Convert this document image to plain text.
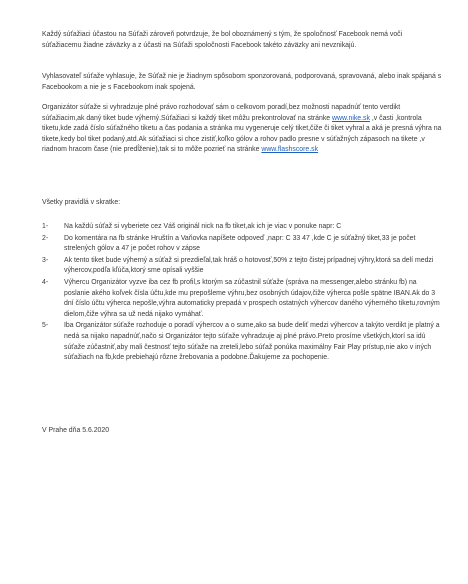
Každý súťažiaci účastou na Súťaži zároveň potvrdzuje, že bol oboznámený s tým, že spoločnosť Facebook nemá voči súťažiacemu žiadne záväzky a z účasti na Súťaži spoločnosti Facebook takéto záväzky ani nevznikajú.

Vyhlasovateľ súťaže vyhlasuje, že Súťaž nie je žiadnym spôsobom sponzorovaná, podporovaná, spravovaná, alebo inak spájaná s Facebookom a nie je s Facebookom inak spojená.

Organizátor súťaže si vyhradzuje plné právo rozhodovať sám o celkovom poradí,bez možnosti napadnúť tento verdikt súťažiacim,ak daný tiket bude výherný.Súťažiaci si každý tiket môžu prekontrolovať na stránke www.nike.sk ,v časti ,kontrola tiketu,kde zadá číslo súťažného tiketu a čas podania a stránka mu vygeneruje celý tiket,čiže či tiket vyhral a aká je presná výhra na tikete,kedy bol tiket podaný,atd.Ak súťažiaci si chce zistiť,koľko gólov a rohov padlo presne v súťažných zápasoch na tikete ,v riadnom hracom čase (nie predĺženie),tak si to môže pozrieť na stránke www.flashscore.sk

Všetky pravidlá v skratke:

1- Na každú súťaž si vyberiete cez Váš originál nick na fb tiket,ak ich je viac v ponuke napr: C
2- Do komentára na fb stránke Hruštín a Vaňovka napíšete odpoveď ,napr: C 33 47 ,kde C je súťažný tiket,33 je počet strelených gólov a 47 je počet rohov v zápse
3- Ak tento tiket bude výherný a súťaž si prezdieľal,tak hráš o hotovosť,50% z tejto čistej prípadnej výhry,ktorá sa delí medzi výhercov,podľa kľúča,ktorý sme opísali vyššie
4- Výhercu Organizátor vyzve iba cez fb profil,s ktorým sa zúčastnil súťaže (správa na messenger,alebo stránku fb) na poslanie akého koľvek čísla účtu,kde mu prepošleme výhru,bez osobných údajov,čiže výherca pošle spätne IBAN.Ak do 3 dní číslo účtu výherca nepošle,výhra automaticky prepadá v prospech ostatných výhercov daného výherného tiketu,rovným dielom,čiže výhra sa už nedá nijako vymáhať.
5- Iba Organizátor súťaže rozhoduje o poradí výhercov a o sume,ako sa bude deliť medzi výhercov a takýto verdikt je platný a nedá sa nijako napadnúť,načo si Organizátor tejto súťaže vyhradzuje aj plné právo.Preto prosíme všetkých,ktorí sa idú súťaže zúčastniť,aby mali čestnosť tejto súťaže na zreteli,lebo súťaž ponúka maximálny Fair Play prístup,nie ako v iných súťažiach na fb,kde prebiehajú rôzne žrebovania a podobne.Ďakujeme za pochopenie.

V Prahe dňa 5.6.2020
